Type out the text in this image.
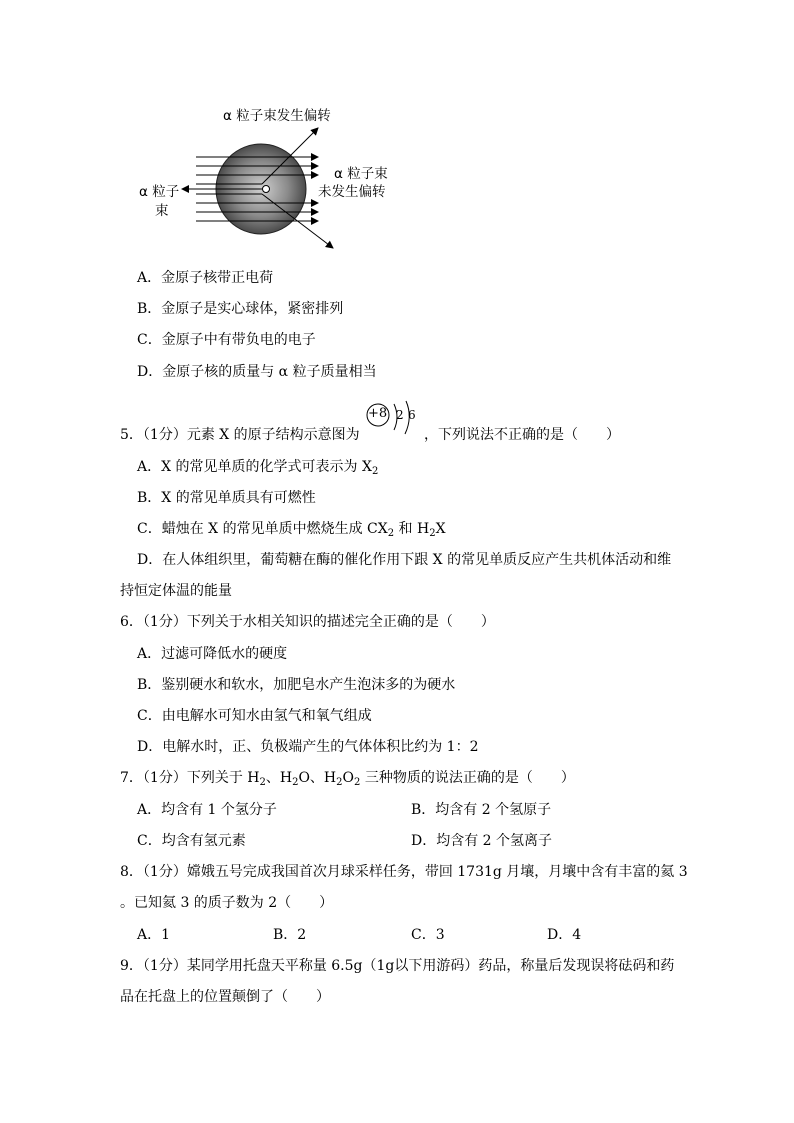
α 粒子束发生偏转
α 粒子束
未发生偏转
α 粒子
束
A．金原子核带正电荷
B．金原子是实心球体，紧密排列
C．金原子中有带负电的电子
D．金原子核的质量与 α 粒子质量相当
5．（1分）元素 X 的原子结构示意图为
+8 2 6
，下列说法不正确的是（　　）
A．X 的常见单质的化学式可表示为 $X_2$
B．X 的常见单质具有可燃性
C．蜡烛在 X 的常见单质中燃烧生成 $CX_2$ 和 $H_2X$
D．在人体组织里，葡萄糖在酶的催化作用下跟 X 的常见单质反应产生共机体活动和维
持恒定体温的能量
6．（1分）下列关于水相关知识的描述完全正确的是（　　）
A．过滤可降低水的硬度
B．鉴别硬水和软水，加肥皂水产生泡沫多的为硬水
C．由电解水可知水由氢气和氧气组成
D．电解水时，正、负极端产生的气体体积比约为 1：2
7．（1分）下列关于 $H_2$、$H_2O$、$H_2O_2$ 三种物质的说法正确的是（　　）
A．均含有 1 个氢分子	B．均含有 2 个氢原子
C．均含有氢元素	D．均含有 2 个氢离子
8．（1分）嫦娥五号完成我国首次月球采样任务，带回 1731g 月壤，月壤中含有丰富的氦 3
。已知氦 3 的质子数为 2（　　）
A．1	B．2	C．3	D．4
9．（1分）某同学用托盘天平称量 6.5g（1g以下用游码）药品，称量后发现误将砝码和药
品在托盘上的位置颠倒了（　　）
